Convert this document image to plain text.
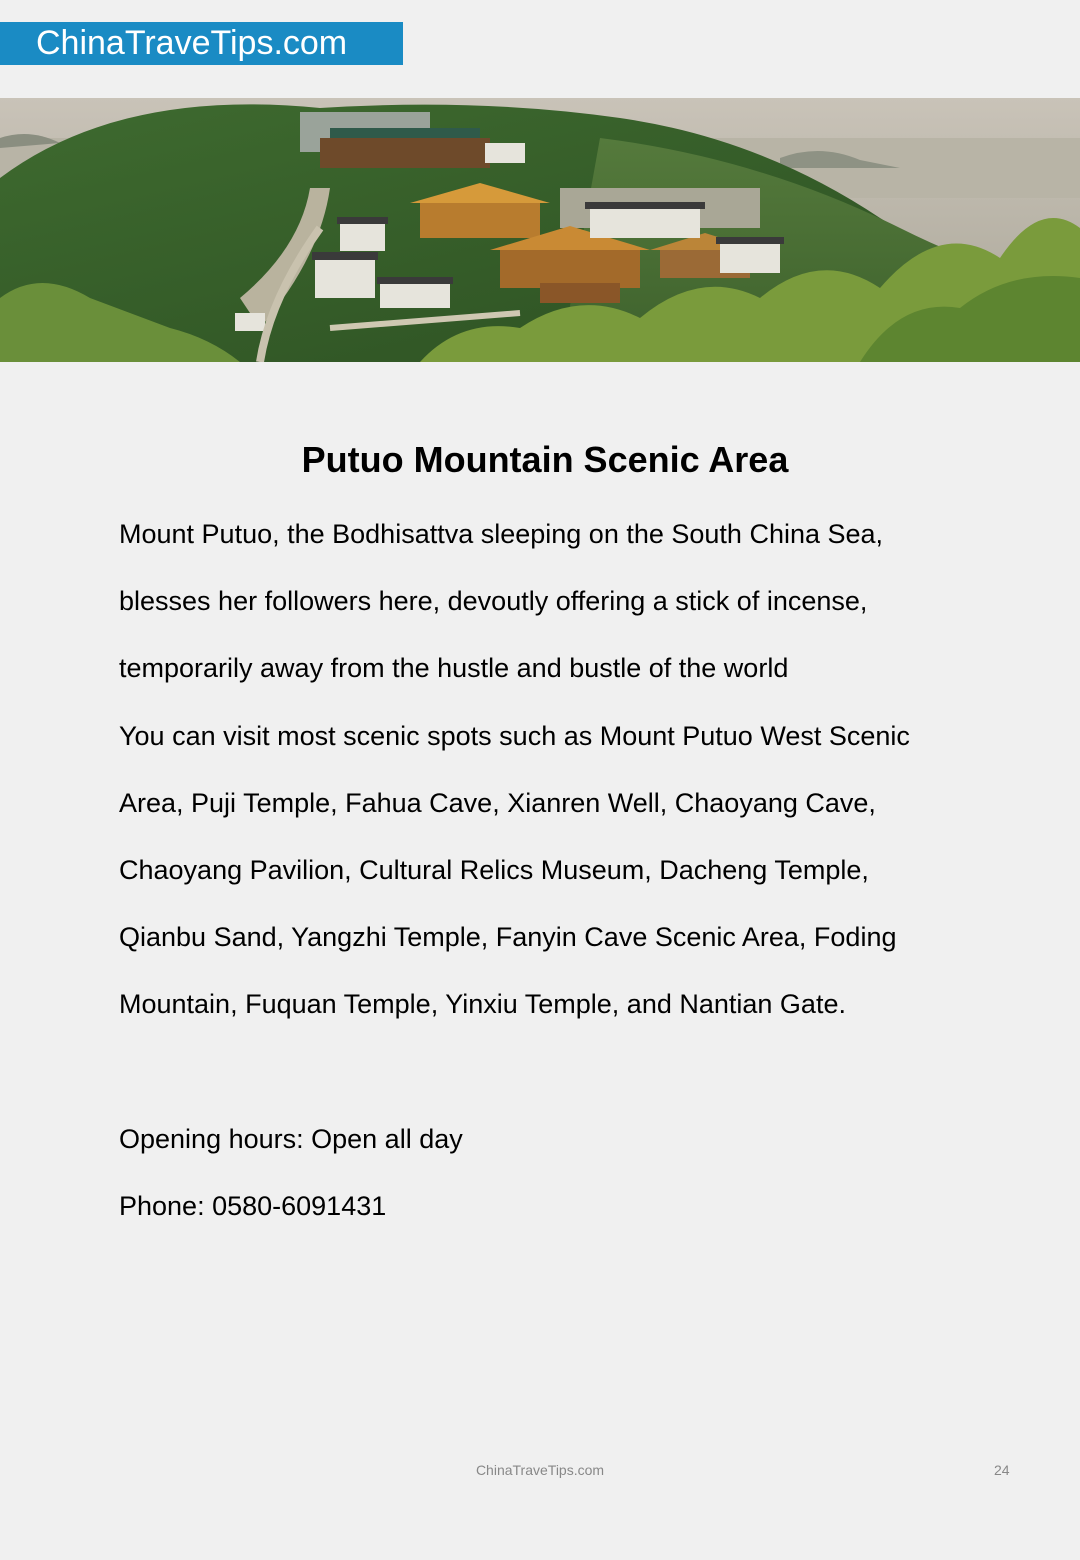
ChinaTraveTips.com
Putuo Mountain Scenic Area
Mount Putuo, the Bodhisattva sleeping on the South China Sea,
blesses her followers here, devoutly offering a stick of incense,
temporarily away from the hustle and bustle of the world
You can visit most scenic spots such as Mount Putuo West Scenic
Area, Puji Temple, Fahua Cave, Xianren Well, Chaoyang Cave,
Chaoyang Pavilion, Cultural Relics Museum, Dacheng Temple,
Qianbu Sand, Yangzhi Temple, Fanyin Cave Scenic Area, Foding
Mountain, Fuquan Temple, Yinxiu Temple, and Nantian Gate.
Opening hours: Open all day
Phone: 0580-6091431
ChinaTraveTips.com	24
